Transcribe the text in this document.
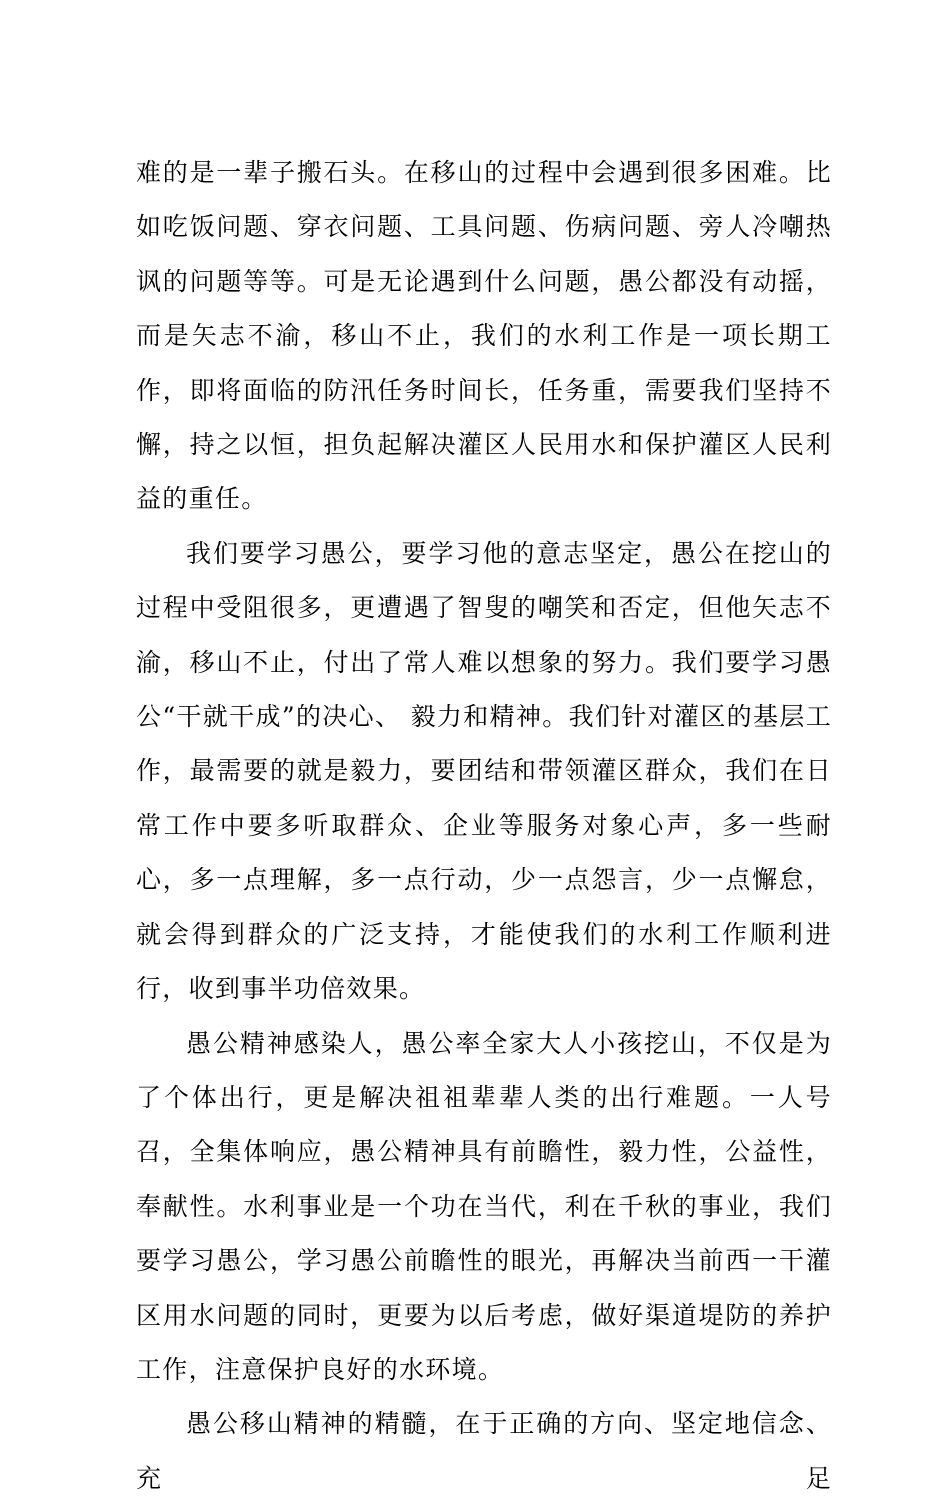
难的是一辈子搬石头。在移山的过程中会遇到很多困难。比如吃饭问题、穿衣问题、工具问题、伤病问题、旁人冷嘲热讽的问题等等。可是无论遇到什么问题，愚公都没有动摇，而是矢志不渝，移山不止，我们的水利工作是一项长期工作，即将面临的防汛任务时间长，任务重，需要我们坚持不懈，持之以恒，担负起解决灌区人民用水和保护灌区人民利益的重任。

我们要学习愚公，要学习他的意志坚定，愚公在挖山的过程中受阻很多，更遭遇了智叟的嘲笑和否定，但他矢志不渝，移山不止，付出了常人难以想象的努力。我们要学习愚公“干就干成”的决心、 毅力和精神。我们针对灌区的基层工作，最需要的就是毅力，要团结和带领灌区群众，我们在日常工作中要多听取群众、企业等服务对象心声，多一些耐心，多一点理解，多一点行动，少一点怨言，少一点懈怠，就会得到群众的广泛支持，才能使我们的水利工作顺利进行，收到事半功倍效果。

愚公精神感染人，愚公率全家大人小孩挖山，不仅是为了个体出行，更是解决祖祖辈辈人类的出行难题。一人号召，全集体响应，愚公精神具有前瞻性，毅力性，公益性，奉献性。水利事业是一个功在当代，利在千秋的事业，我们要学习愚公，学习愚公前瞻性的眼光，再解决当前西一干灌区用水问题的同时，更要为以后考虑，做好渠道堤防的养护工作，注意保护良好的水环境。

愚公移山精神的精髓，在于正确的方向、坚定地信念、充足
